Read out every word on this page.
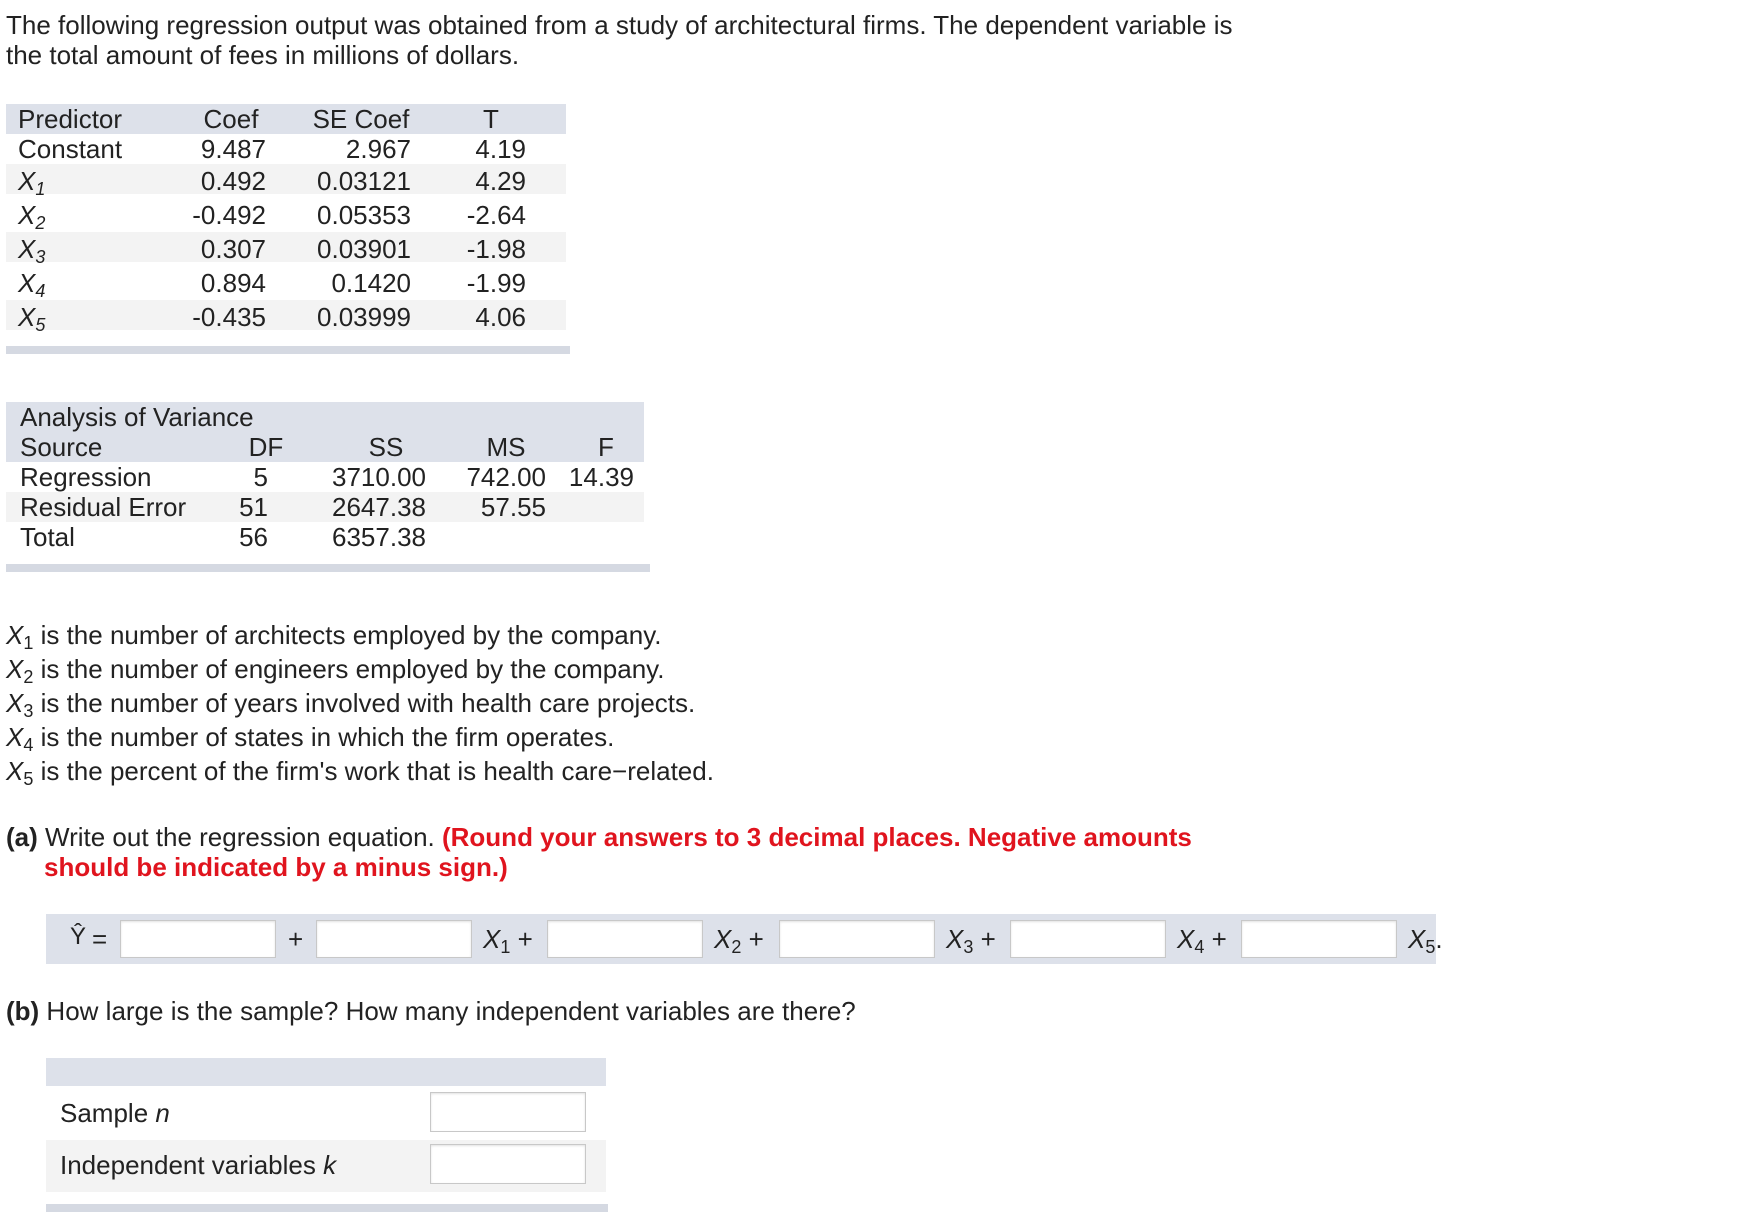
The following regression output was obtained from a study of architectural firms. The dependent variable is
the total amount of fees in millions of dollars.
Predictor	Coef	SE Coef	T
Constant	9.487	2.967	4.19
$X_1$	0.492	0.03121	4.29
$X_2$	-0.492	0.05353	-2.64
$X_3$	0.307	0.03901	-1.98
$X_4$	0.894	0.1420	-1.99
$X_5$	-0.435	0.03999	4.06
Analysis of Variance
Source	DF	SS	MS	F
Regression	5	3710.00	742.00 14.39
Residual Error	51	2647.38	57.55
Total	56	6357.38
$X_1$ is the number of architects employed by the company.
$X_2$ is the number of engineers employed by the company.
$X_3$ is the number of years involved with health care projects.
$X_4$ is the number of states in which the firm operates.
$X_5$ is the percent of the firm's work that is health care−related.
(a) Write out the regression equation. (Round your answers to 3 decimal places. Negative amounts
should be indicated by a minus sign.)
Ŷ =	+	$X_1$ +	$X_2$ +	$X_3$ +	$X_4$ +	$X_5$.
(b) How large is the sample? How many independent variables are there?
Sample n
Independent variables k
